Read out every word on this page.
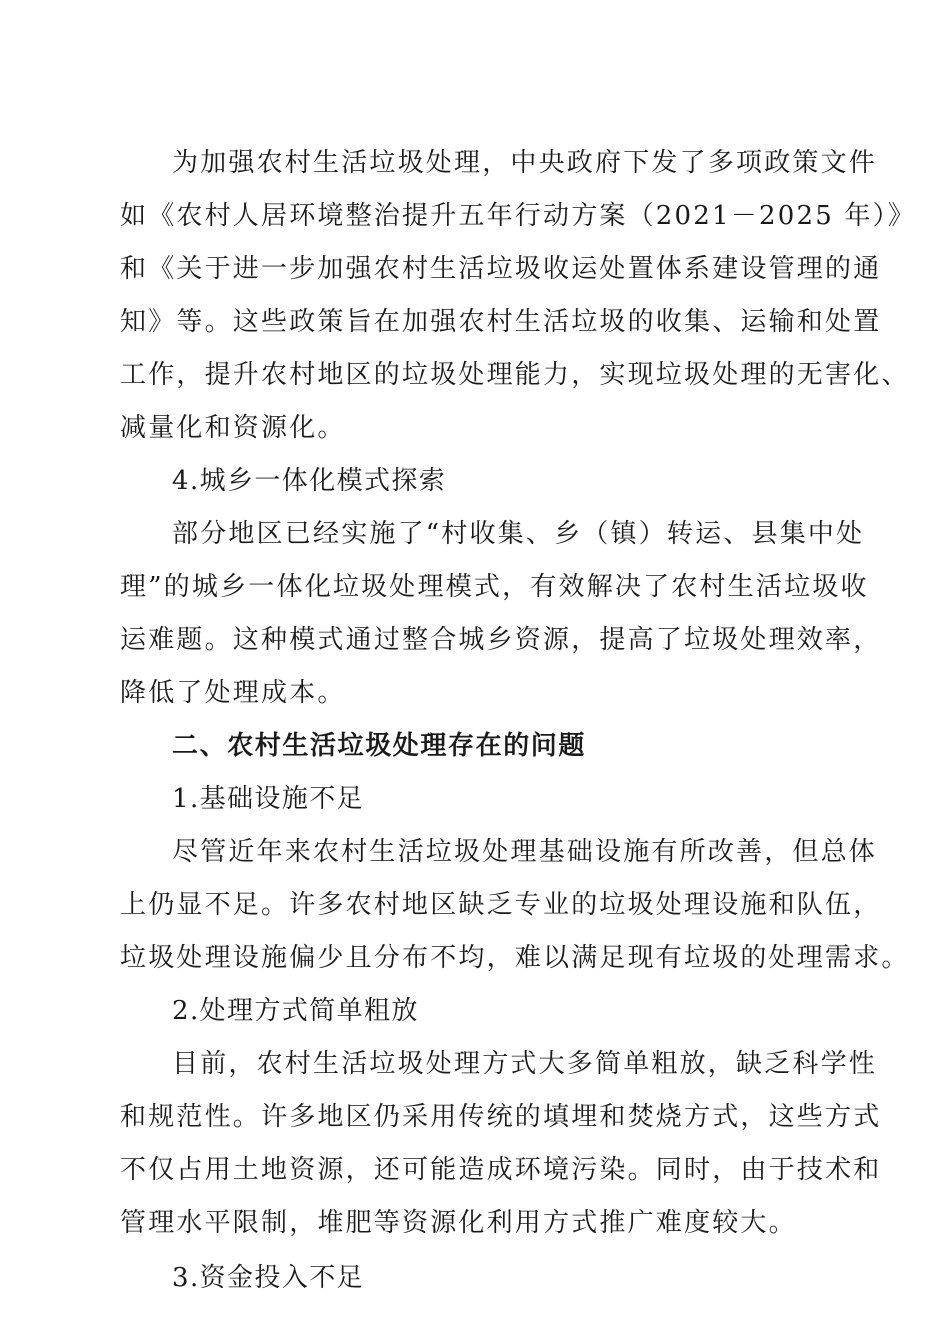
为加强农村生活垃圾处理，中央政府下发了多项政策文件
如《农村人居环境整治提升五年行动方案（2021－2025 年）》
和《关于进一步加强农村生活垃圾收运处置体系建设管理的通
知》等。这些政策旨在加强农村生活垃圾的收集、运输和处置
工作，提升农村地区的垃圾处理能力，实现垃圾处理的无害化、
减量化和资源化。
4.城乡一体化模式探索
部分地区已经实施了“村收集、乡（镇）转运、县集中处
理”的城乡一体化垃圾处理模式，有效解决了农村生活垃圾收
运难题。这种模式通过整合城乡资源，提高了垃圾处理效率，
降低了处理成本。
二、农村生活垃圾处理存在的问题
1.基础设施不足
尽管近年来农村生活垃圾处理基础设施有所改善，但总体
上仍显不足。许多农村地区缺乏专业的垃圾处理设施和队伍，
垃圾处理设施偏少且分布不均，难以满足现有垃圾的处理需求。
2.处理方式简单粗放
目前，农村生活垃圾处理方式大多简单粗放，缺乏科学性
和规范性。许多地区仍采用传统的填埋和焚烧方式，这些方式
不仅占用土地资源，还可能造成环境污染。同时，由于技术和
管理水平限制，堆肥等资源化利用方式推广难度较大。
3.资金投入不足
